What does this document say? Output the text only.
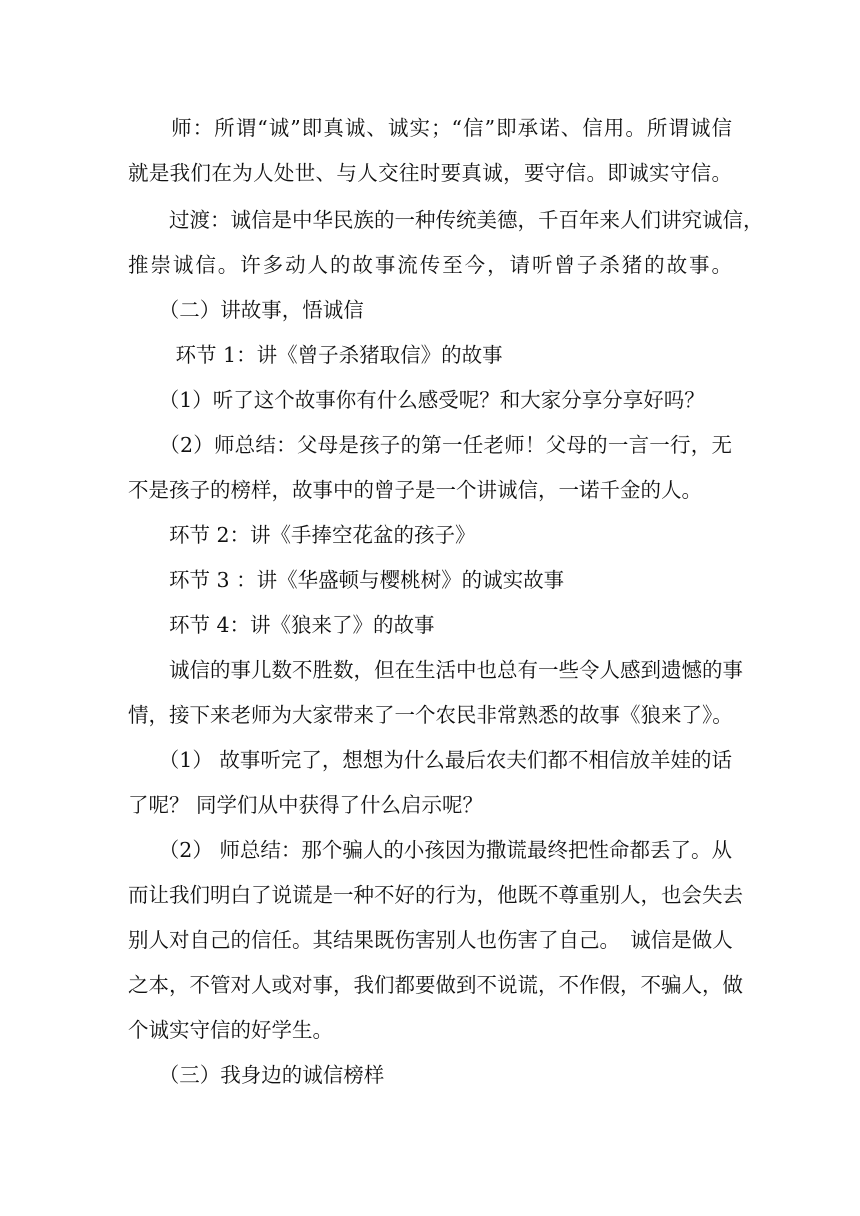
　　师：所谓“诚”即真诚、诚实；“信”即承诺、信用。所谓诚信
就是我们在为人处世、与人交往时要真诚，要守信。即诚实守信。
　　过渡：诚信是中华民族的一种传统美德，千百年来人们讲究诚信，
推崇诚信。许多动人的故事流传至今，请听曾子杀猪的故事。
　　（二）讲故事，悟诚信
　　 环节 1：讲《曾子杀猪取信》的故事
　　（1）听了这个故事你有什么感受呢？和大家分享分享好吗？
　　（2）师总结：父母是孩子的第一任老师！父母的一言一行，无
不是孩子的榜样，故事中的曾子是一个讲诚信，一诺千金的人。
　　环节 2：讲《手捧空花盆的孩子》
　　环节 3 ：讲《华盛顿与樱桃树》的诚实故事
　　环节 4：讲《狼来了》的故事
　　诚信的事儿数不胜数，但在生活中也总有一些令人感到遗憾的事
情，接下来老师为大家带来了一个农民非常熟悉的故事《狼来了》。
　　（1） 故事听完了，想想为什么最后农夫们都不相信放羊娃的话
了呢？ 同学们从中获得了什么启示呢？
　　（2） 师总结：那个骗人的小孩因为撒谎最终把性命都丢了。从
而让我们明白了说谎是一种不好的行为，他既不尊重别人，也会失去
别人对自己的信任。其结果既伤害别人也伤害了自己。　诚信是做人
之本，不管对人或对事，我们都要做到不说谎，不作假，不骗人，做
个诚实守信的好学生。
　　（三）我身边的诚信榜样
